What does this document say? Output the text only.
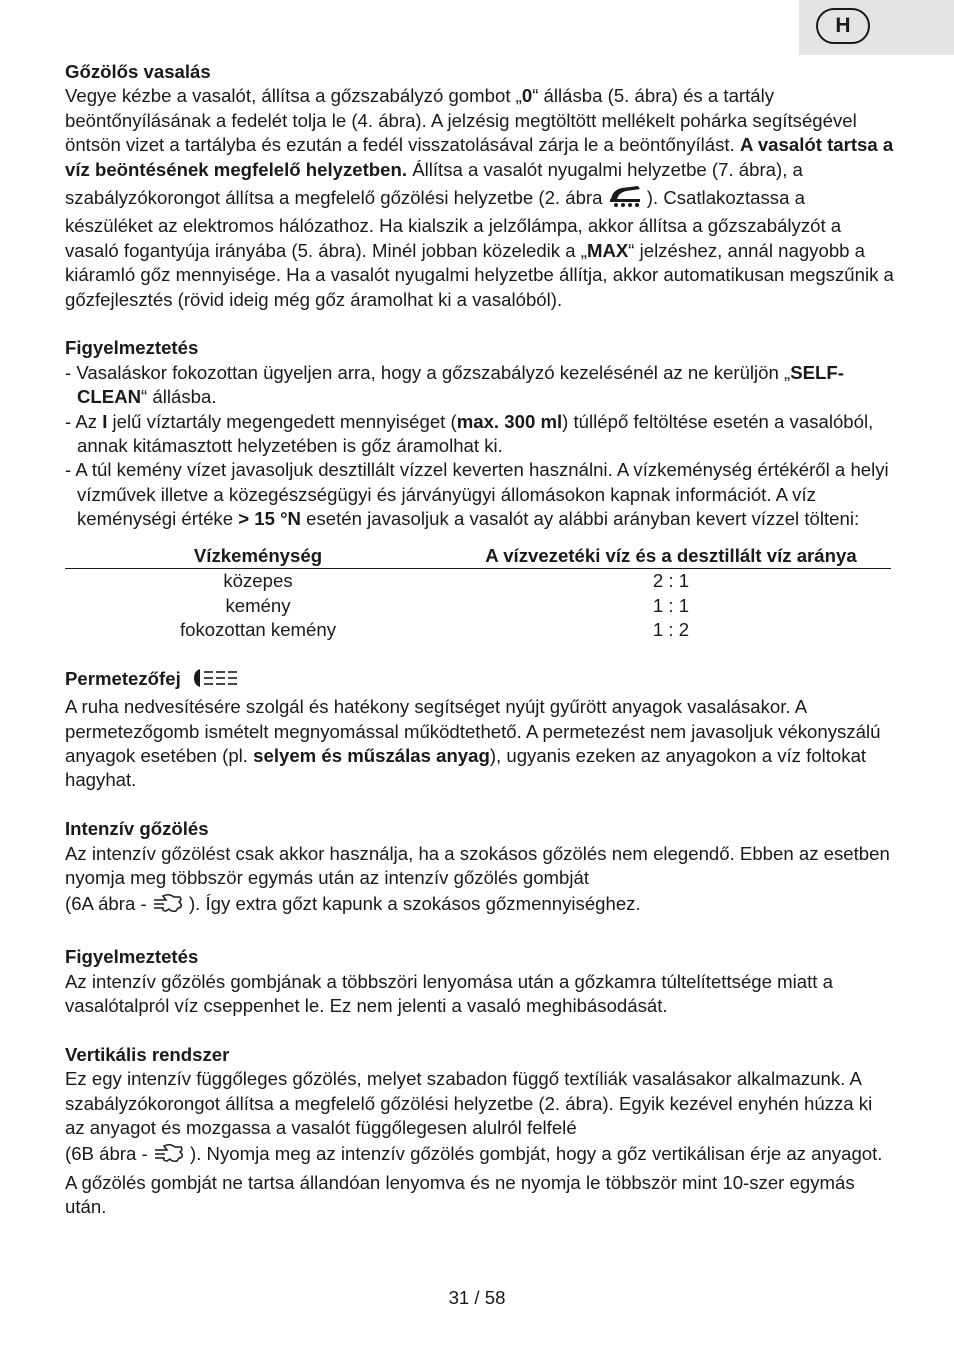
H

Gőzölős vasalás

Vegye kézbe a vasalót, állítsa a gőzszabályzó gombot „0“ állásba (5. ábra) és a tartály beöntőnyílásának a fedelét tolja le (4. ábra). A jelzésig megtöltött mellékelt pohárka segítségével öntsön vizet a tartályba és ezután a fedél visszatolásával zárja le a beöntőnyílást. A vasalót tartsa a víz beöntésének megfelelő helyzetben. Állítsa a vasalót nyugalmi helyzetbe (7. ábra), a szabályzókorongot állítsa a megfelelő gőzölési helyzetbe (2. ábra  ). Csatlakoztassa a készüléket az elektromos hálózathoz. Ha kialszik a jelzőlámpa, akkor állítsa a gőzszabályzót a vasaló fogantyúja irányába (5. ábra). Minél jobban közeledik a „MAX“ jelzéshez, annál nagyobb a kiáramló gőz mennyisége. Ha a vasalót nyugalmi helyzetbe állítja, akkor automatikusan megszűnik a gőzfejlesztés (rövid ideig még gőz áramolhat ki a vasalóból).

Figyelmeztetés

- Vasaláskor fokozottan ügyeljen arra, hogy a gőzszabályzó kezelésénél az ne kerüljön „SELF-CLEAN“ állásba.

- Az I jelű víztartály megengedett mennyiséget (max. 300 ml) túllépő feltöltése esetén a vasalóból, annak kitámasztott helyzetében is gőz áramolhat ki.

- A túl kemény vízet javasoljuk desztillált vízzel keverten használni. A vízkeménység értékéről a helyi vízművek illetve a közegészségügyi és járványügyi állomásokon kapnak információt. A víz keménységi értéke > 15 °N esetén javasoljuk a vasalót ay alábbi arányban kevert vízzel tölteni:

Vízkeménység	A vízvezetéki víz és a desztillált víz aránya
közepes	2 : 1
kemény	1 : 1
fokozottan kemény	1 : 2

Permetezőfej

A ruha nedvesítésére szolgál és hatékony segítséget nyújt gyűrött anyagok vasalásakor. A permetezőgomb ismételt megnyomással működtethető. A permetezést nem javasoljuk vékonyszálú anyagok esetében (pl. selyem és műszálas anyag), ugyanis ezeken az anyagokon a víz foltokat hagyhat.

Intenzív gőzölés

Az intenzív gőzölést csak akkor használja, ha a szokásos gőzölés nem elegendő. Ebben az esetben nyomja meg többször egymás után az intenzív gőzölés gombját

(6A ábra -  ). Így extra gőzt kapunk a szokásos gőzmennyiséghez.

Figyelmeztetés

Az intenzív gőzölés gombjának a többszöri lenyomása után a gőzkamra túltelítettsége miatt a vasalótalpról víz cseppenhet le. Ez nem jelenti a vasaló meghibásodását.

Vertikális rendszer

Ez egy intenzív függőleges gőzölés, melyet szabadon függő textíliák vasalásakor alkalmazunk. A szabályzókorongot állítsa a megfelelő gőzölési helyzetbe (2. ábra). Egyik kezével enyhén húzza ki az anyagot és mozgassa a vasalót függőlegesen alulról felfelé

(6B ábra -  ). Nyomja meg az intenzív gőzölés gombját, hogy a gőz vertikálisan érje az anyagot. A gőzölés gombját ne tartsa állandóan lenyomva és ne nyomja le többször mint 10-szer egymás után.

31 / 58
